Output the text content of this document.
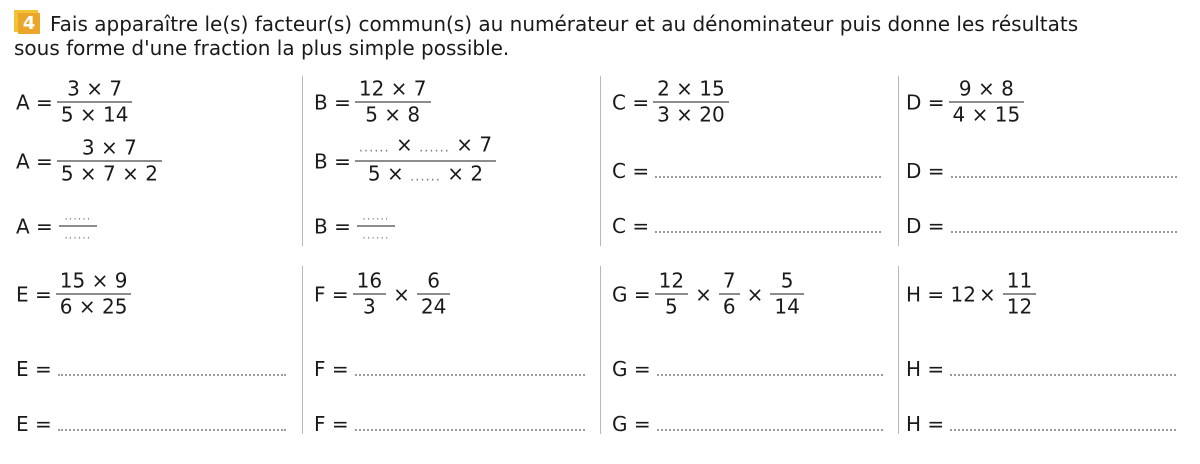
4 Fais apparaître le(s) facteur(s) commun(s) au numérateur et au dénominateur puis donne les résultats
sous forme d'une fraction la plus simple possible.
A
= $\frac{3 \times 7}{5 \times 14}$
A
= $\frac{3 \times 7}{5 \times 7 \times 2}$
A
= ......
......
B
= $\frac{12 \times 7}{5 \times 8}$
B
= $\frac{...... \times ...... \times 7}{5 \times ...... \times 2}$
B
= ......
......
C
= $\frac{2 \times 15}{3 \times 20}$
C
=
C
=
D
= $\frac{9 \times 8}{4 \times 15}$
D
=
D
=
E
= $\frac{15 \times 9}{6 \times 25}$
E
=
E
=
F
= $\frac{16}{3} \times \frac{6}{24}$
F
=
F
=
G
= $\frac{12}{5} \times \frac{7}{6} \times \frac{5}{14}$
G
=
G
=
H
=
$12 \times \frac{11}{12}$
H
=
H
=
